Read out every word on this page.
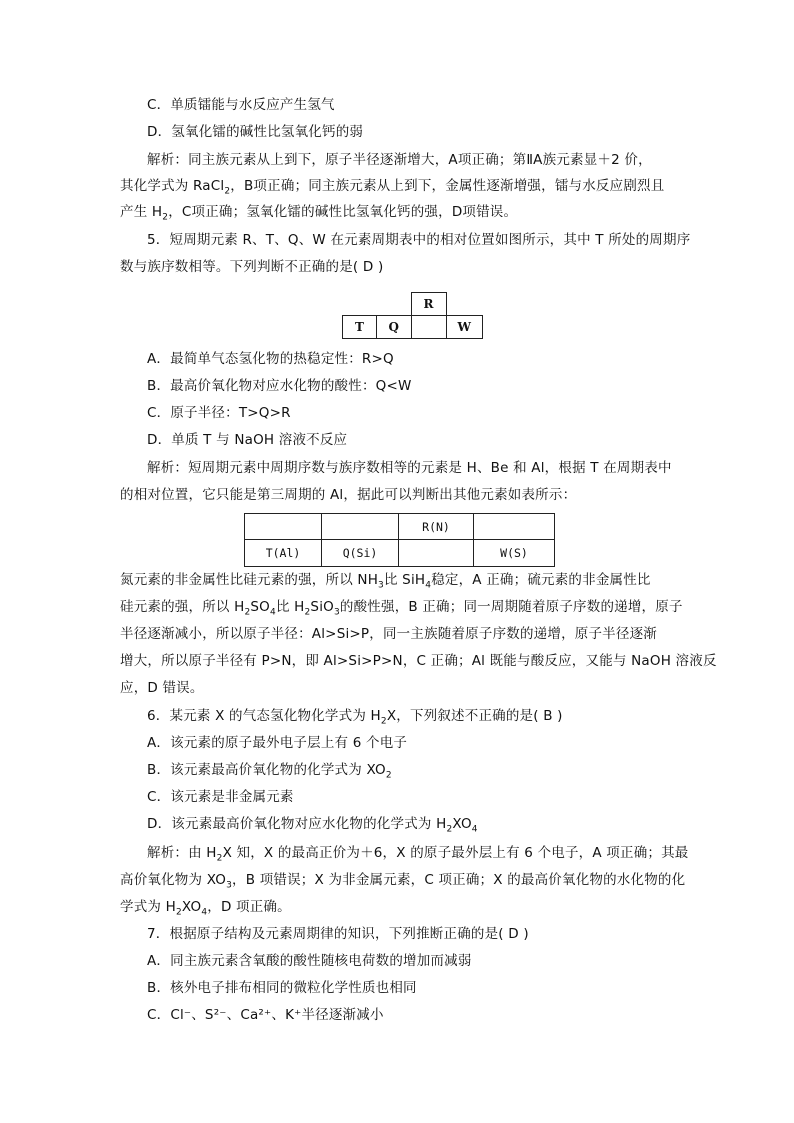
C．单质镭能与水反应产生氢气
D．氢氧化镭的碱性比氢氧化钙的弱
解析：同主族元素从上到下，原子半径逐渐增大，A项正确；第ⅡA族元素显＋2 价，
其化学式为 RaCl$_2$，B项正确；同主族元素从上到下，金属性逐渐增强，镭与水反应剧烈且
产生 $H_2$，C项正确；氢氧化镭的碱性比氢氧化钙的强，D项错误。
5．短周期元素 R、T、Q、W 在元素周期表中的相对位置如图所示，其中 T 所处的周期序
数与族序数相等。下列判断不正确的是( D )
		R	
T	Q		W
A．最简单气态氢化物的热稳定性：R>Q
B．最高价氧化物对应水化物的酸性：Q<W
C．原子半径：T>Q>R
D．单质 T 与 NaOH 溶液不反应
解析：短周期元素中周期序数与族序数相等的元素是 H、Be 和 Al，根据 T 在周期表中
的相对位置，它只能是第三周期的 Al，据此可以判断出其他元素如表所示：
		R(N)	
T(Al)	Q(Si)		W(S)
氮元素的非金属性比硅元素的强，所以 $NH_3$比 SiH$_4$稳定，A 正确；硫元素的非金属性比
硅元素的强，所以 $H_2SO_4$比 $H_2SiO_3$的酸性强，B 正确；同一周期随着原子序数的递增，原子
半径逐渐减小，所以原子半径：Al>Si>P，同一主族随着原子序数的递增，原子半径逐渐
增大，所以原子半径有 P>N，即 Al>Si>P>N，C 正确；Al 既能与酸反应，又能与 NaOH 溶液反
应，D 错误。
6．某元素 X 的气态氢化物化学式为 $H_2X$，下列叙述不正确的是( B )
A．该元素的原子最外电子层上有 6 个电子
B．该元素最高价氧化物的化学式为 $XO_2$
C．该元素是非金属元素
D．该元素最高价氧化物对应水化物的化学式为 $H_2XO_4$
解析：由 $H_2X$ 知，X 的最高正价为＋6，X 的原子最外层上有 6 个电子，A 项正确；其最
高价氧化物为 $XO_3$，B 项错误；X 为非金属元素，C 项正确；X 的最高价氧化物的水化物的化
学式为 $H_2XO_4$，D 项正确。
7．根据原子结构及元素周期律的知识，下列推断正确的是( D )
A．同主族元素含氧酸的酸性随核电荷数的增加而减弱
B．核外电子排布相同的微粒化学性质也相同
C．Cl⁻、S²⁻、Ca²⁺、K⁺半径逐渐减小
